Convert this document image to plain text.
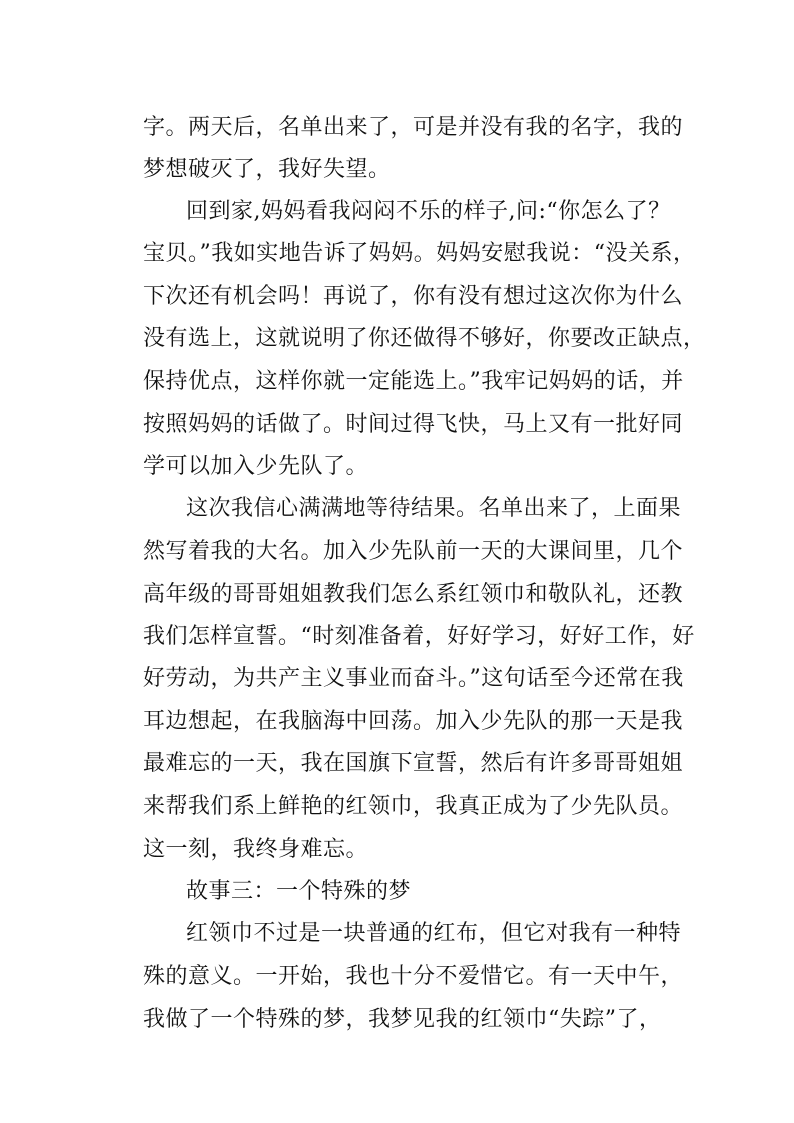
字。两天后，名单出来了，可是并没有我的名字，我的
梦想破灭了，我好失望。
回到家,妈妈看我闷闷不乐的样子,问:“你怎么了？
宝贝。”我如实地告诉了妈妈。妈妈安慰我说：“没关系，
下次还有机会吗！再说了，你有没有想过这次你为什么
没有选上，这就说明了你还做得不够好，你要改正缺点，
保持优点，这样你就一定能选上。”我牢记妈妈的话，并
按照妈妈的话做了。时间过得飞快，马上又有一批好同
学可以加入少先队了。
这次我信心满满地等待结果。名单出来了，上面果
然写着我的大名。加入少先队前一天的大课间里，几个
高年级的哥哥姐姐教我们怎么系红领巾和敬队礼，还教
我们怎样宣誓。“时刻准备着，好好学习，好好工作，好
好劳动，为共产主义事业而奋斗。”这句话至今还常在我
耳边想起，在我脑海中回荡。加入少先队的那一天是我
最难忘的一天，我在国旗下宣誓，然后有许多哥哥姐姐
来帮我们系上鲜艳的红领巾，我真正成为了少先队员。
这一刻，我终身难忘。
故事三：一个特殊的梦
红领巾不过是一块普通的红布，但它对我有一种特
殊的意义。一开始，我也十分不爱惜它。有一天中午，
我做了一个特殊的梦，我梦见我的红领巾“失踪”了，
